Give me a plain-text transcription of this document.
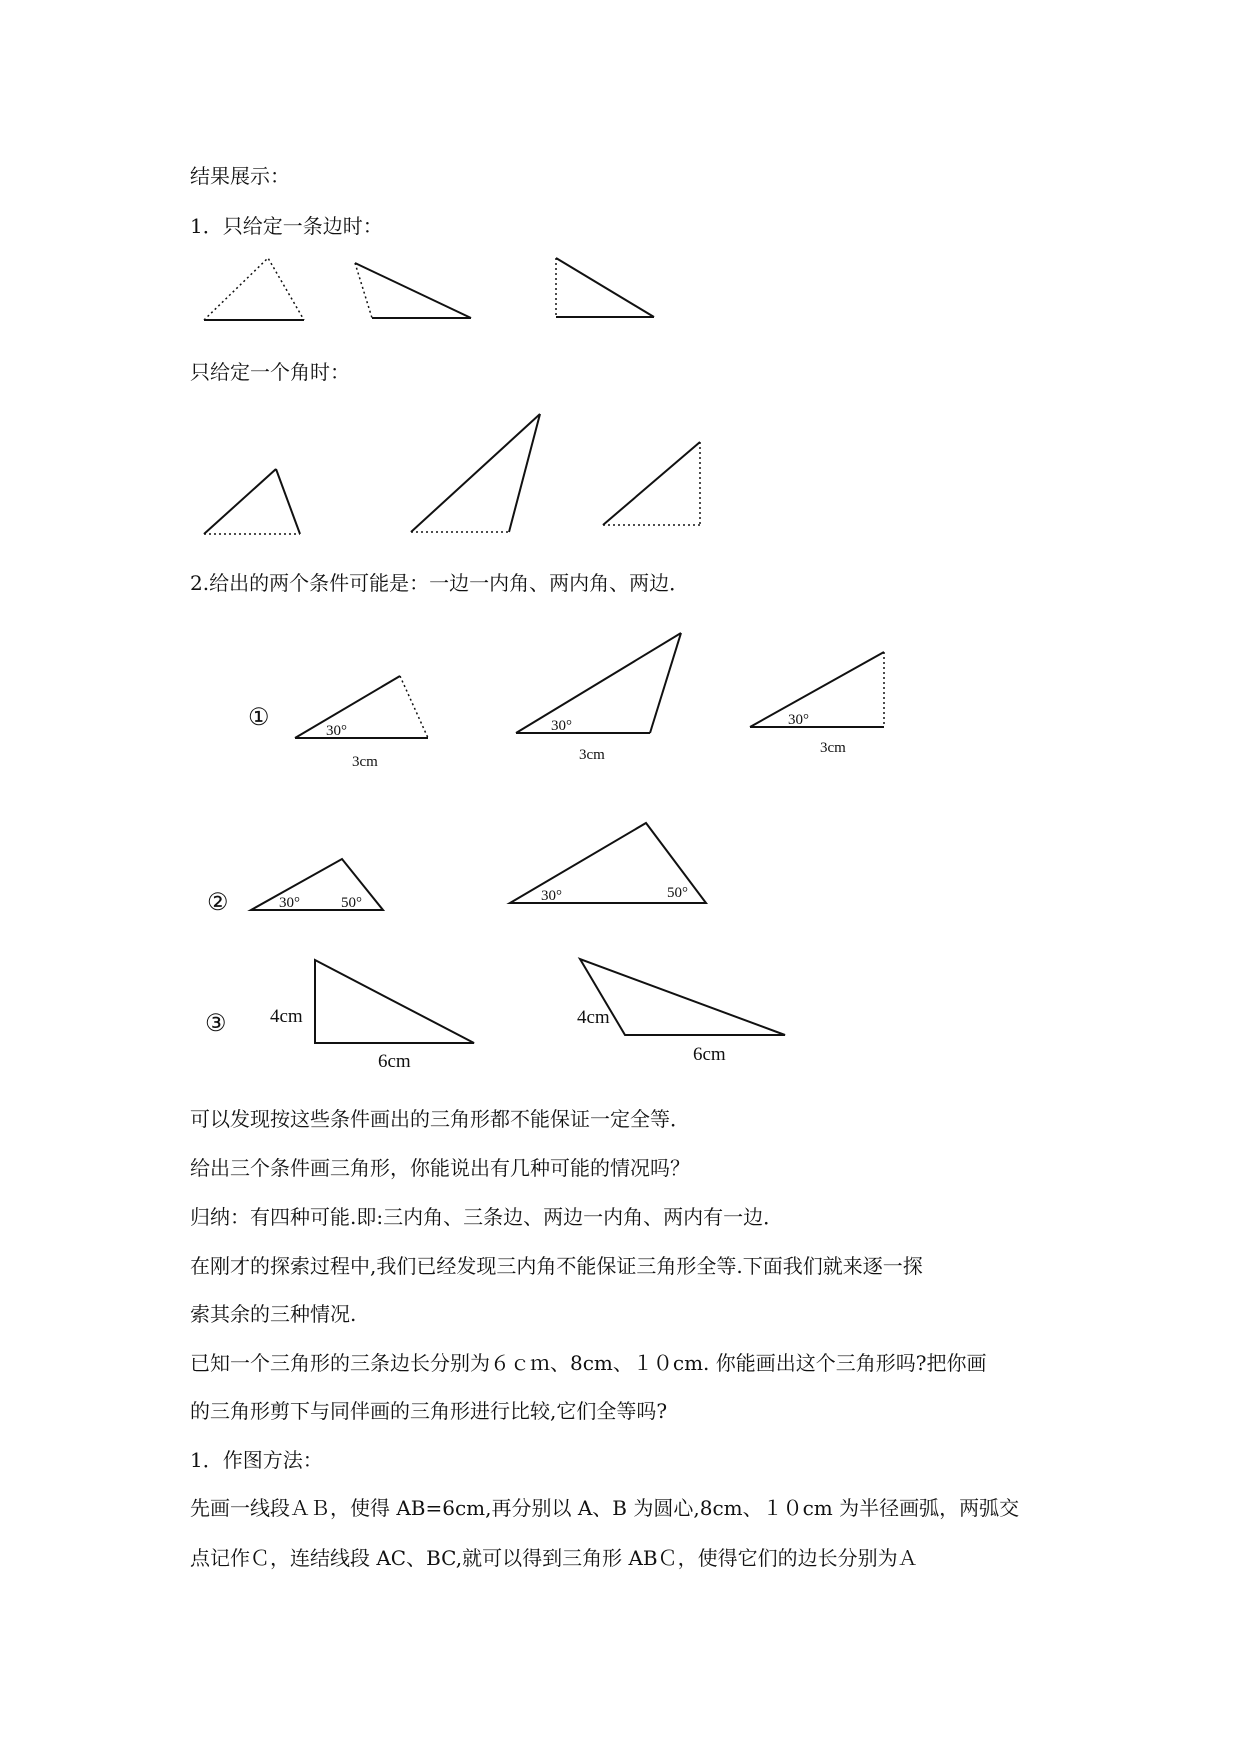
结果展示：
1．只给定一条边时：
只给定一个角时：
2.给出的两个条件可能是：一边一内角、两内角、两边．
可以发现按这些条件画出的三角形都不能保证一定全等．
给出三个条件画三角形，你能说出有几种可能的情况吗？
归纳：有四种可能.即:三内角、三条边、两边一内角、两内有一边．
在刚才的探索过程中,我们已经发现三内角不能保证三角形全等.下面我们就来逐一探
索其余的三种情况.
已知一个三角形的三条边长分别为６ｃｍ、8cm、１０cm. 你能画出这个三角形吗?把你画
的三角形剪下与同伴画的三角形进行比较,它们全等吗?
1．作图方法：
先画一线段ＡＢ，使得 AB=6cm,再分别以 A、B 为圆心,8cm、１０cm 为半径画弧，两弧交
点记作Ｃ，连结线段 AC、BC,就可以得到三角形 ABＣ，使得它们的边长分别为Ａ
①
②
③
30°
3cm
30°
3cm
30°
3cm
30°	50°	30°	50°
4cm
6cm
4cm
6cm
